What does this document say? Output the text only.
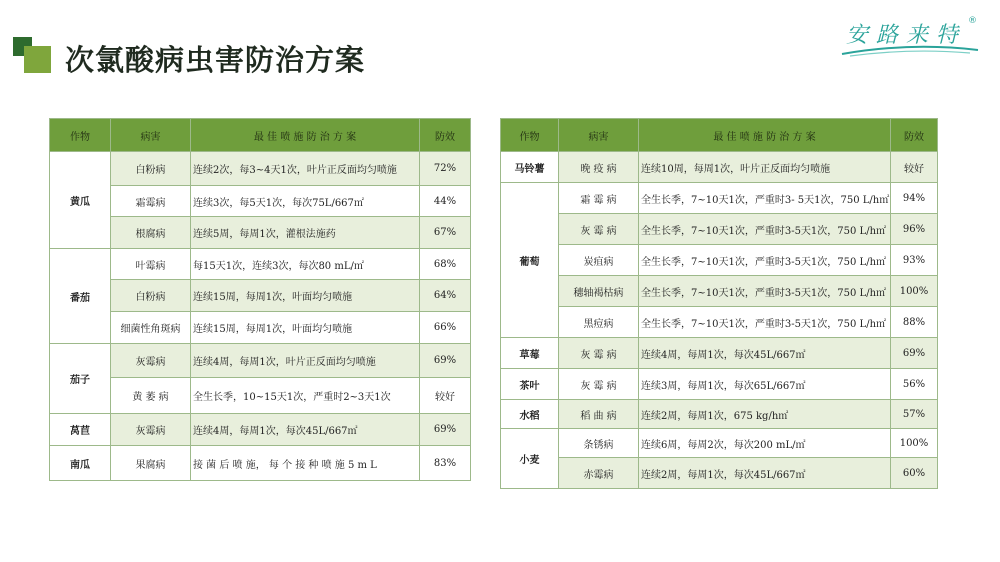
次氯酸病虫害防治方案
安路来特
®
作物	病害	最 佳 喷 施 防 治 方 案	防效
黄瓜	白粉病	连续2次，每3~4天1次，叶片正反面均匀喷施	72%
	霜霉病	连续3次，每5天1次，每次75L/667㎡	44%
	根腐病	连续5周，每周1次，灌根法施药	67%
番茄	叶霉病	每15天1次，连续3次，每次80 mL/㎡	68%
	白粉病	连续15周，每周1次，叶面均匀喷施	64%
	细菌性角斑病	连续15周，每周1次，叶面均匀喷施	66%
茄子	灰霉病	连续4周，每周1次，叶片正反面均匀喷施	69%
	黄 萎 病	全生长季，10~15天1次，严重时2~3天1次	较好
莴苣	灰霉病	连续4周，每周1次，每次45L/667㎡	69%
南瓜	果腐病	接 菌 后 喷 施， 每 个 接 种 喷 施 5 m L	83%
作物	病害	最 佳 喷 施 防 治 方 案	防效
马铃薯	晚 疫 病	连续10周，每周1次，叶片正反面均匀喷施	较好
葡萄	霜 霉 病	全生长季，7~10天1次，严重时3- 5天1次，750 L/h㎡	94%
	灰 霉 病	全生长季，7~10天1次，严重时3-5天1次，750 L/h㎡	96%
	炭疽病	全生长季，7~10天1次，严重时3-5天1次，750 L/h㎡	93%
	穗轴褐枯病	全生长季，7~10天1次，严重时3-5天1次，750 L/h㎡	100%
	黑痘病	全生长季，7~10天1次，严重时3-5天1次，750 L/h㎡	88%
草莓	灰 霉 病	连续4周，每周1次，每次45L/667㎡	69%
茶叶	灰 霉 病	连续3周，每周1次，每次65L/667㎡	56%
水稻	稻 曲 病	连续2周，每周1次，675 kg/h㎡	57%
小麦	条锈病	连续6周，每周2次，每次200 mL/㎡	100%
	赤霉病	连续2周，每周1次，每次45L/667㎡	60%
